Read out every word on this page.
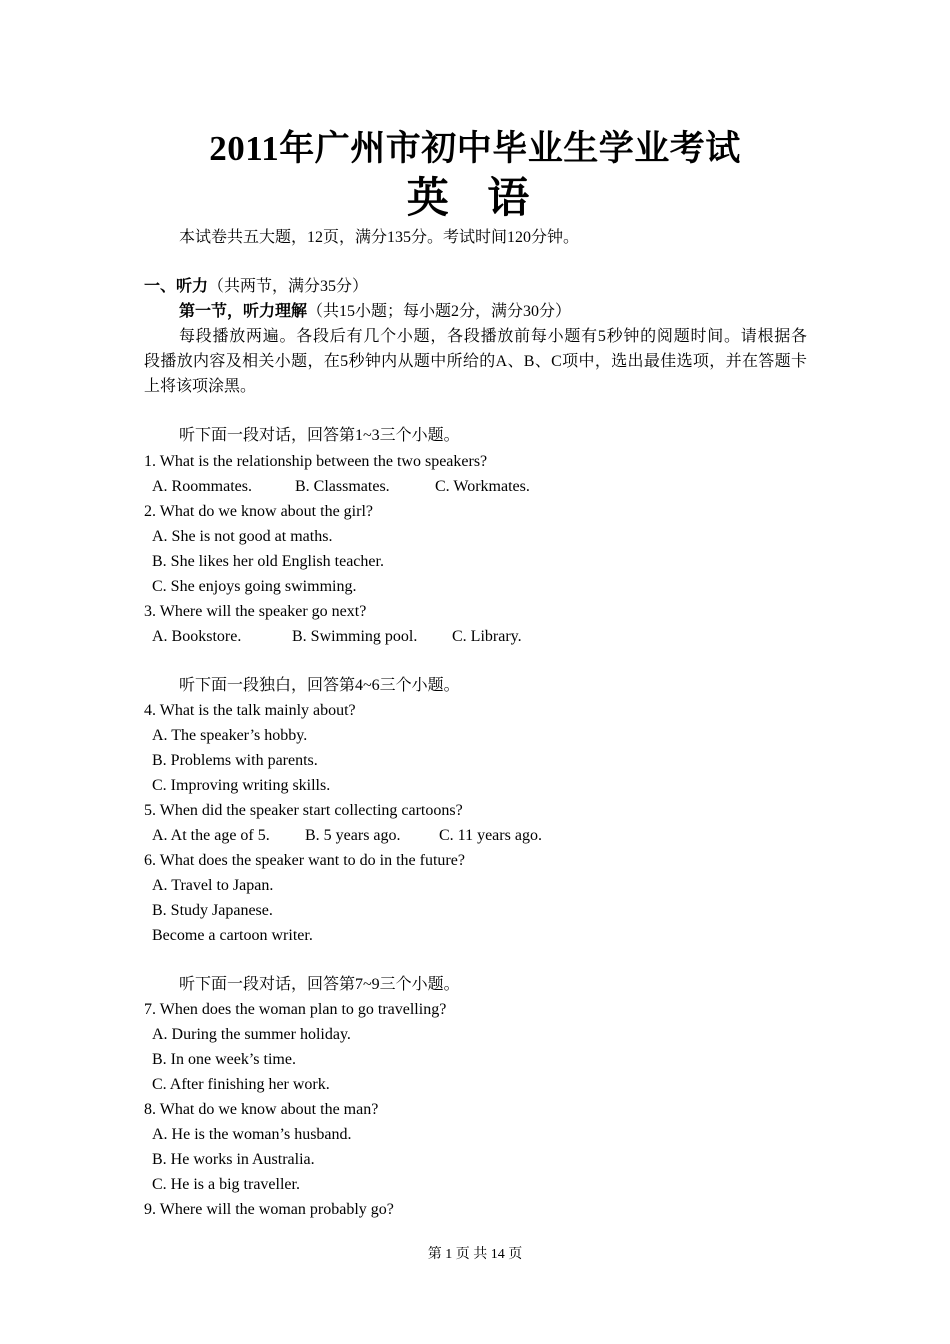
2011年广州市初中毕业生学业考试
英 语
本试卷共五大题，12页，满分135分。考试时间120分钟。
一、听力（共两节，满分35分）
第一节，听力理解（共15小题；每小题2分，满分30分）
每段播放两遍。各段后有几个小题，各段播放前每小题有5秒钟的阅题时间。请根据各
段播放内容及相关小题，在5秒钟内从题中所给的A、B、C项中，选出最佳选项，并在答题卡
上将该项涂黑。
听下面一段对话，回答第1~3三个小题。
1. What is the relationship between the two speakers?
A. Roommates.	B. Classmates.	C. Workmates.
2. What do we know about the girl?
A. She is not good at maths.
B. She likes her old English teacher.
C. She enjoys going swimming.
3. Where will the speaker go next?
A. Bookstore.	B. Swimming pool. C. Library.
听下面一段独白，回答第4~6三个小题。
4. What is the talk mainly about?
A. The speaker’s hobby.
B. Problems with parents.
C. Improving writing skills.
5. When did the speaker start collecting cartoons?
A. At the age of 5. B. 5 years ago. C. 11 years ago.
6. What does the speaker want to do in the future?
A. Travel to Japan.
B. Study Japanese.
Become a cartoon writer.
听下面一段对话，回答第7~9三个小题。
7. When does the woman plan to go travelling?
A. During the summer holiday.
B. In one week’s time.
C. After finishing her work.
8. What do we know about the man?
A. He is the woman’s husband.
B. He works in Australia.
C. He is a big traveller.
9. Where will the woman probably go?
第 1 页 共 14 页
